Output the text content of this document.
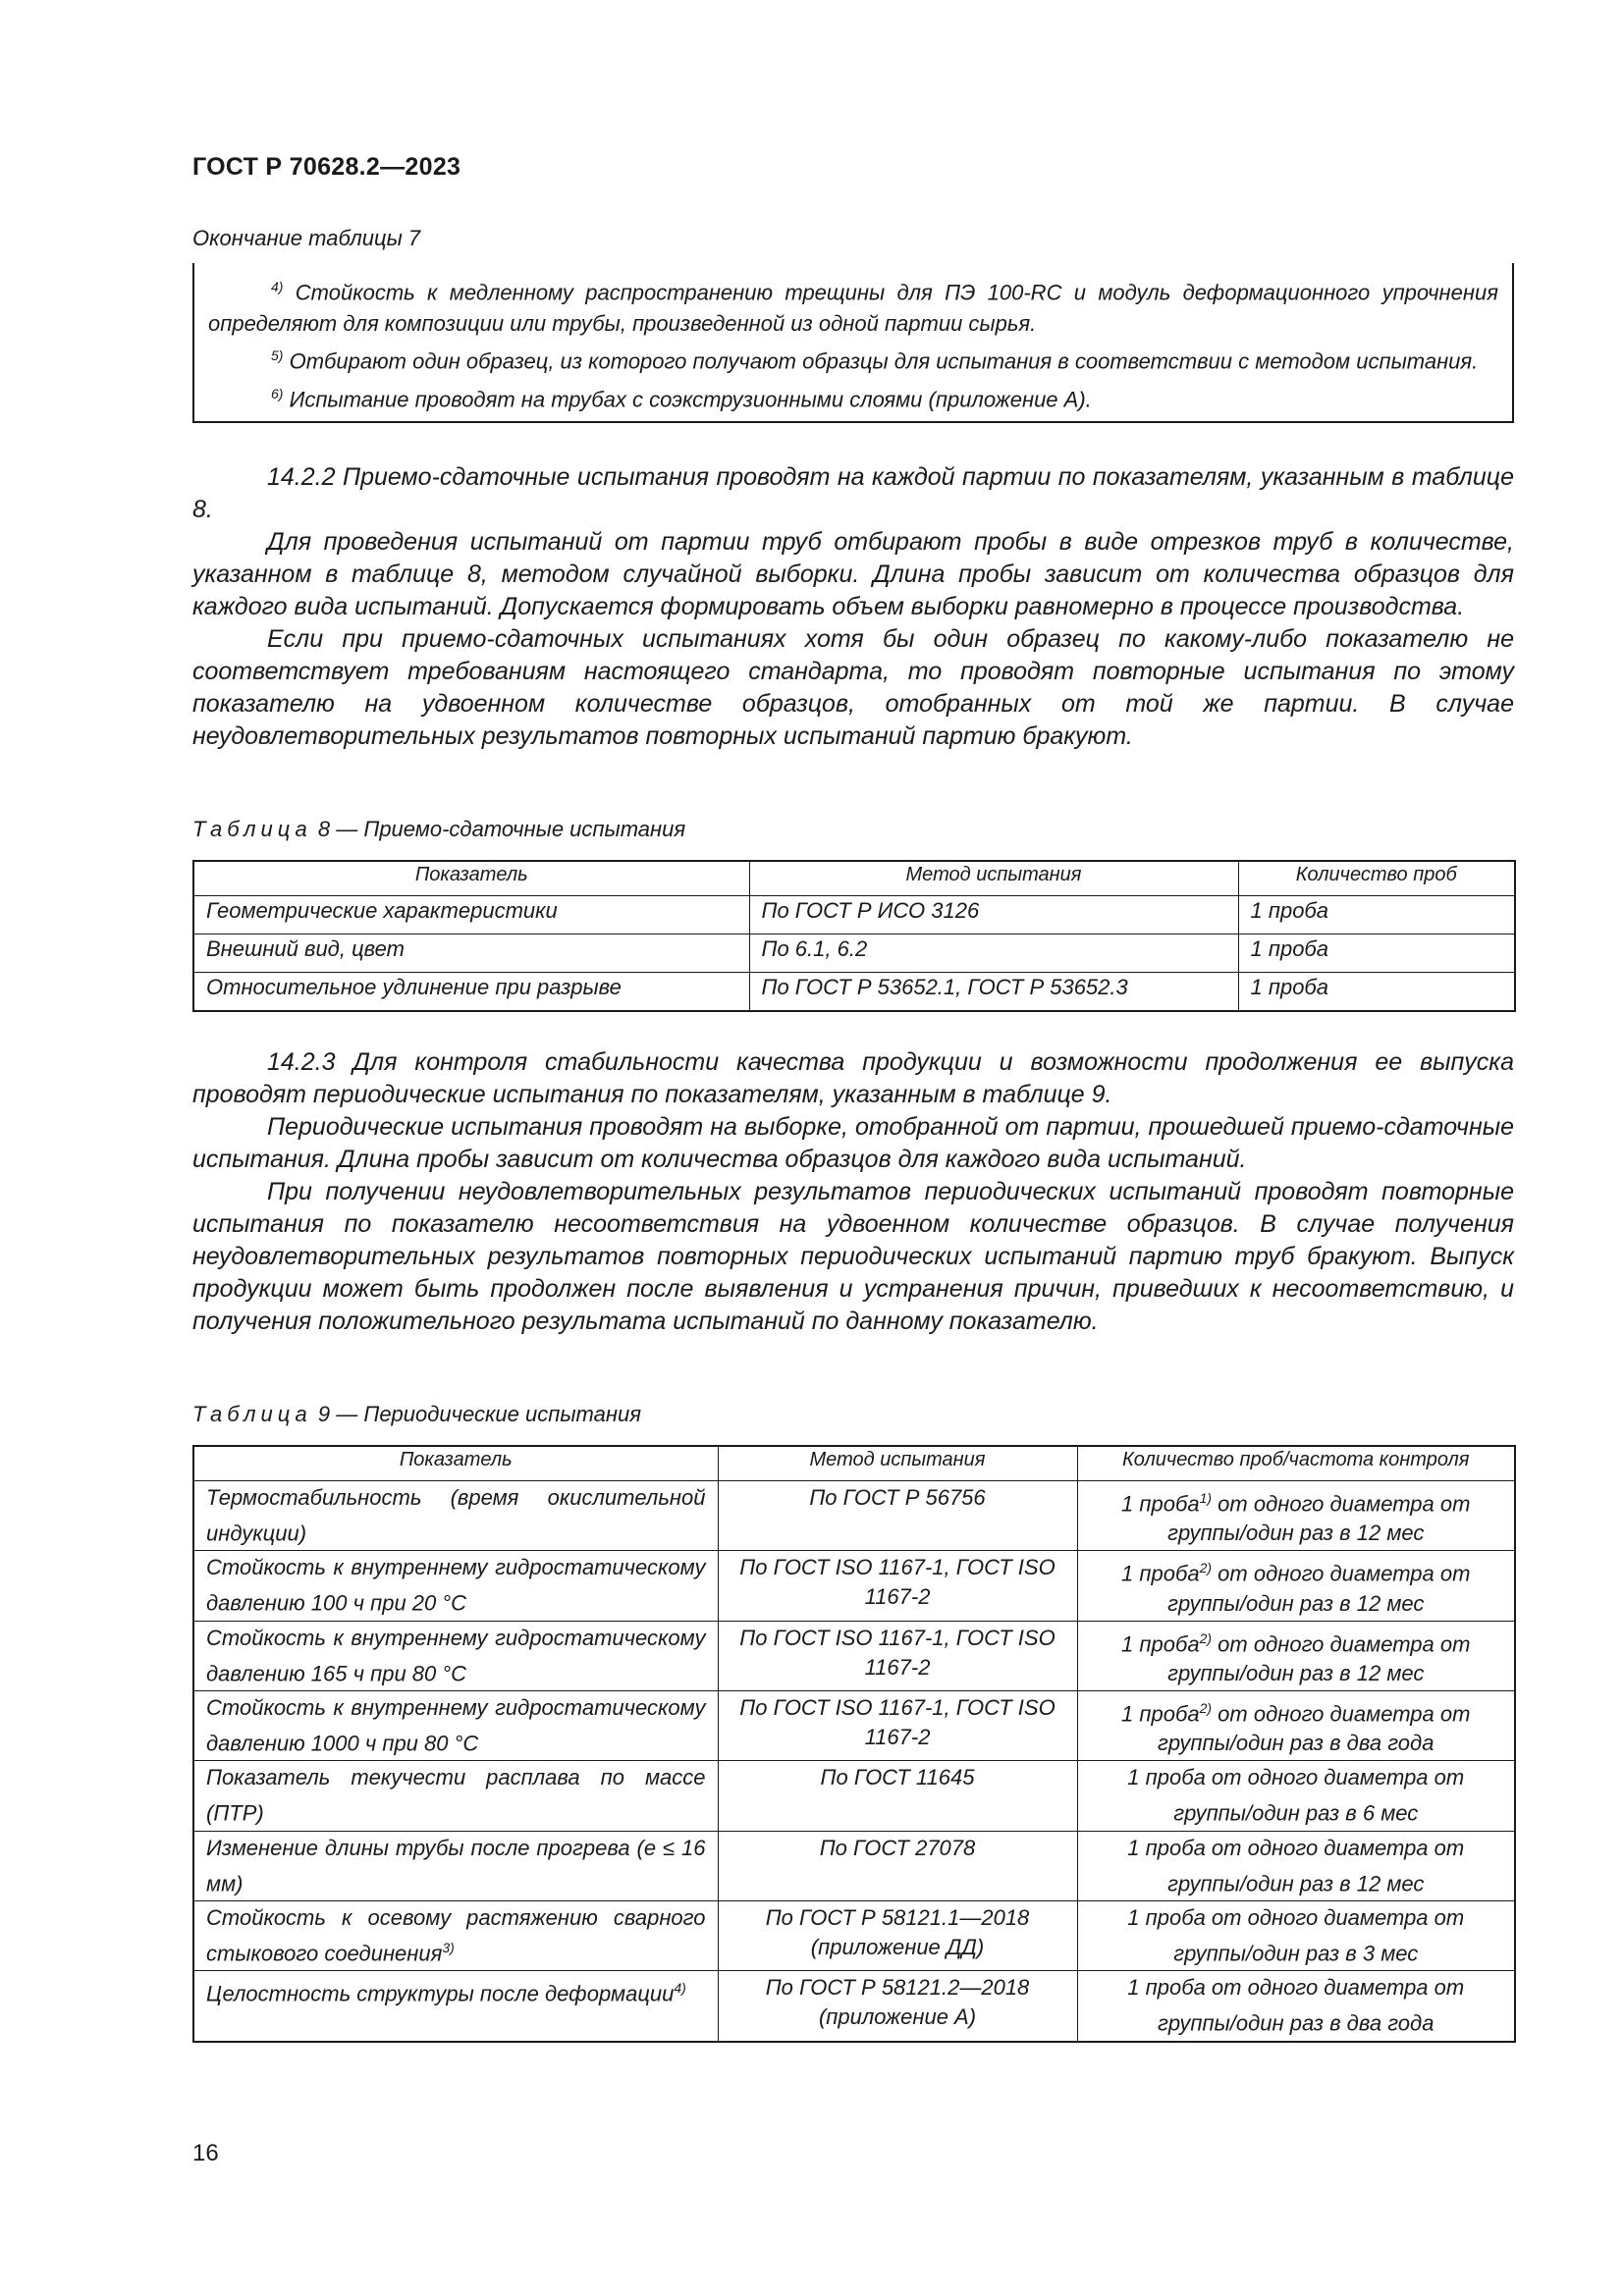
ГОСТ Р 70628.2—2023
Окончание таблицы 7

$^{4)}$ Стойкость к медленному распространению трещины для ПЭ 100-RC и модуль деформационного упрочнения определяют для композиции или трубы, произведенной из одной партии сырья.

$^{5)}$ Отбирают один образец, из которого получают образцы для испытания в соответствии с методом испытания.

$^{6)}$ Испытание проводят на трубах с соэкструзионными слоями (приложение А).

14.2.2 Приемо-сдаточные испытания проводят на каждой партии по показателям, указанным в таблице 8.

Для проведения испытаний от партии труб отбирают пробы в виде отрезков труб в количестве, указанном в таблице 8, методом случайной выборки. Длина пробы зависит от количества образцов для каждого вида испытаний. Допускается формировать объем выборки равномерно в процессе производства.

Если при приемо-сдаточных испытаниях хотя бы один образец по какому-либо показателю не соответствует требованиям настоящего стандарта, то проводят повторные испытания по этому показателю на удвоенном количестве образцов, отобранных от той же партии. В случае неудовлетворительных результатов повторных испытаний партию бракуют.

Таблица 8 — Приемо-сдаточные испытания
Показатель	Метод испытания	Количество проб
Геометрические характеристики	По ГОСТ Р ИСО 3126	1 проба
Внешний вид, цвет	По 6.1, 6.2	1 проба
Относительное удлинение при разрыве	По ГОСТ Р 53652.1, ГОСТ Р 53652.3	1 проба

14.2.3 Для контроля стабильности качества продукции и возможности продолжения ее выпуска проводят периодические испытания по показателям, указанным в таблице 9.

Периодические испытания проводят на выборке, отобранной от партии, прошедшей приемо-сдаточные испытания. Длина пробы зависит от количества образцов для каждого вида испытаний.

При получении неудовлетворительных результатов периодических испытаний проводят повторные испытания по показателю несоответствия на удвоенном количестве образцов. В случае получения неудовлетворительных результатов повторных периодических испытаний партию труб бракуют. Выпуск продукции может быть продолжен после выявления и устранения причин, приведших к несоответствию, и получения положительного результата испытаний по данному показателю.

Таблица 9 — Периодические испытания
Показатель	Метод испытания	Количество проб/частота контроля
Термостабильность (время окислительной индукции)	По ГОСТ Р 56756	1 проба$^{1)}$ от одного диаметра от группы/один раз в 12 мес
Стойкость к внутреннему гидростатическому давлению 100 ч при 20 °С	По ГОСТ ISO 1167-1, ГОСТ ISO 1167-2	1 проба$^{2)}$ от одного диаметра от группы/один раз в 12 мес
Стойкость к внутреннему гидростатическому давлению 165 ч при 80 °С	По ГОСТ ISO 1167-1, ГОСТ ISO 1167-2	1 проба$^{2)}$ от одного диаметра от группы/один раз в 12 мес
Стойкость к внутреннему гидростатическому давлению 1000 ч при 80 °С	По ГОСТ ISO 1167-1, ГОСТ ISO 1167-2	1 проба$^{2)}$ от одного диаметра от группы/один раз в два года
Показатель текучести расплава по массе (ПТР)	По ГОСТ 11645	1 проба от одного диаметра от группы/один раз в 6 мес
Изменение длины трубы после прогрева (е ≤ 16 мм)	По ГОСТ 27078	1 проба от одного диаметра от группы/один раз в 12 мес
Стойкость к осевому растяжению сварного стыкового соединения$^{3)}$	По ГОСТ Р 58121.1—2018 (приложение ДД)	1 проба от одного диаметра от группы/один раз в 3 мес
Целостность структуры после деформации$^{4)}$	По ГОСТ Р 58121.2—2018 (приложение А)	1 проба от одного диаметра от группы/один раз в два года
16
